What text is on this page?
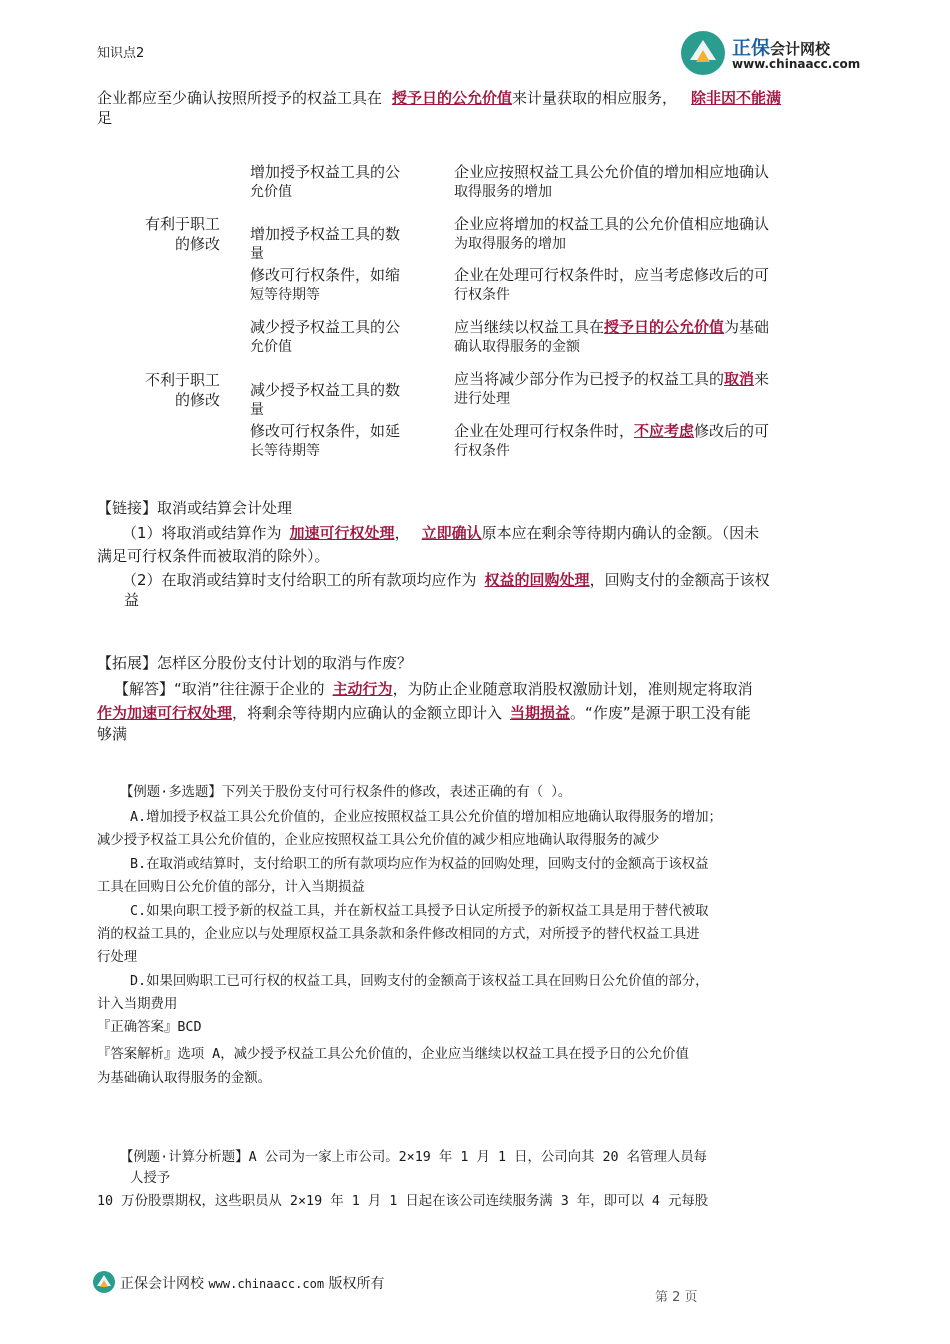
$^{知识点2}$	正保会计网校
www.chinaacc.com
企业都应至少确认按照所授予的权益工具在 授予日的公允价值来计量获取的相应服务， 除非因不能满
足
有利于职工
的修改
不利于职工
的修改
增加授予权益工具的公
允价值
企业应按照权益工具公允价值的增加相应地确认
取得服务的增加
增加授予权益工具的数
量
企业应将增加的权益工具的公允价值相应地确认
为取得服务的增加
修改可行权条件，如缩
短等待期等
企业在处理可行权条件时，应当考虑修改后的可
行权条件
减少授予权益工具的公
允价值
应当继续以权益工具在授予日的公允价值为基础
确认取得服务的金额
减少授予权益工具的数
量
应当将减少部分作为已授予的权益工具的取消来
进行处理
修改可行权条件，如延
长等待期等
企业在处理可行权条件时，不应考虑修改后的可
行权条件
【链接】取消或结算会计处理
（1）将取消或结算作为 加速可行权处理， 立即确认原本应在剩余等待期内确认的金额。（因未
满足可行权条件而被取消的除外）。
（2）在取消或结算时支付给职工的所有款项均应作为 权益的回购处理，回购支付的金额高于该权
益
【拓展】怎样区分股份支付计划的取消与作废？
【解答】“取消”往往源于企业的 主动行为，为防止企业随意取消股权激励计划，准则规定将取消
作为加速可行权处理，将剩余等待期内应确认的金额立即计入 当期损益。“作废”是源于职工没有能
够满
【例题·多选题】下列关于股份支付可行权条件的修改，表述正确的有（ ）。
A.增加授予权益工具公允价值的，企业应按照权益工具公允价值的增加相应地确认取得服务的增加；
减少授予权益工具公允价值的，企业应按照权益工具公允价值的减少相应地确认取得服务的减少
B.在取消或结算时，支付给职工的所有款项均应作为权益的回购处理，回购支付的金额高于该权益
工具在回购日公允价值的部分，计入当期损益
C.如果向职工授予新的权益工具，并在新权益工具授予日认定所授予的新权益工具是用于替代被取
消的权益工具的，企业应以与处理原权益工具条款和条件修改相同的方式，对所授予的替代权益工具进
行处理
D.如果回购职工已可行权的权益工具，回购支付的金额高于该权益工具在回购日公允价值的部分，
计入当期费用
『正确答案』BCD
『答案解析』选项 A，减少授予权益工具公允价值的，企业应当继续以权益工具在授予日的公允价值
为基础确认取得服务的金额。
【例题·计算分析题】A 公司为一家上市公司。2×19 年 1 月 1 日，公司向其 20 名管理人员每
人授予
10 万份股票期权，这些职员从 2×19 年 1 月 1 日起在该公司连续服务满 3 年，即可以 4 元每股
正保会计网校 www.chinaacc.com 版权所有
第 2 页
